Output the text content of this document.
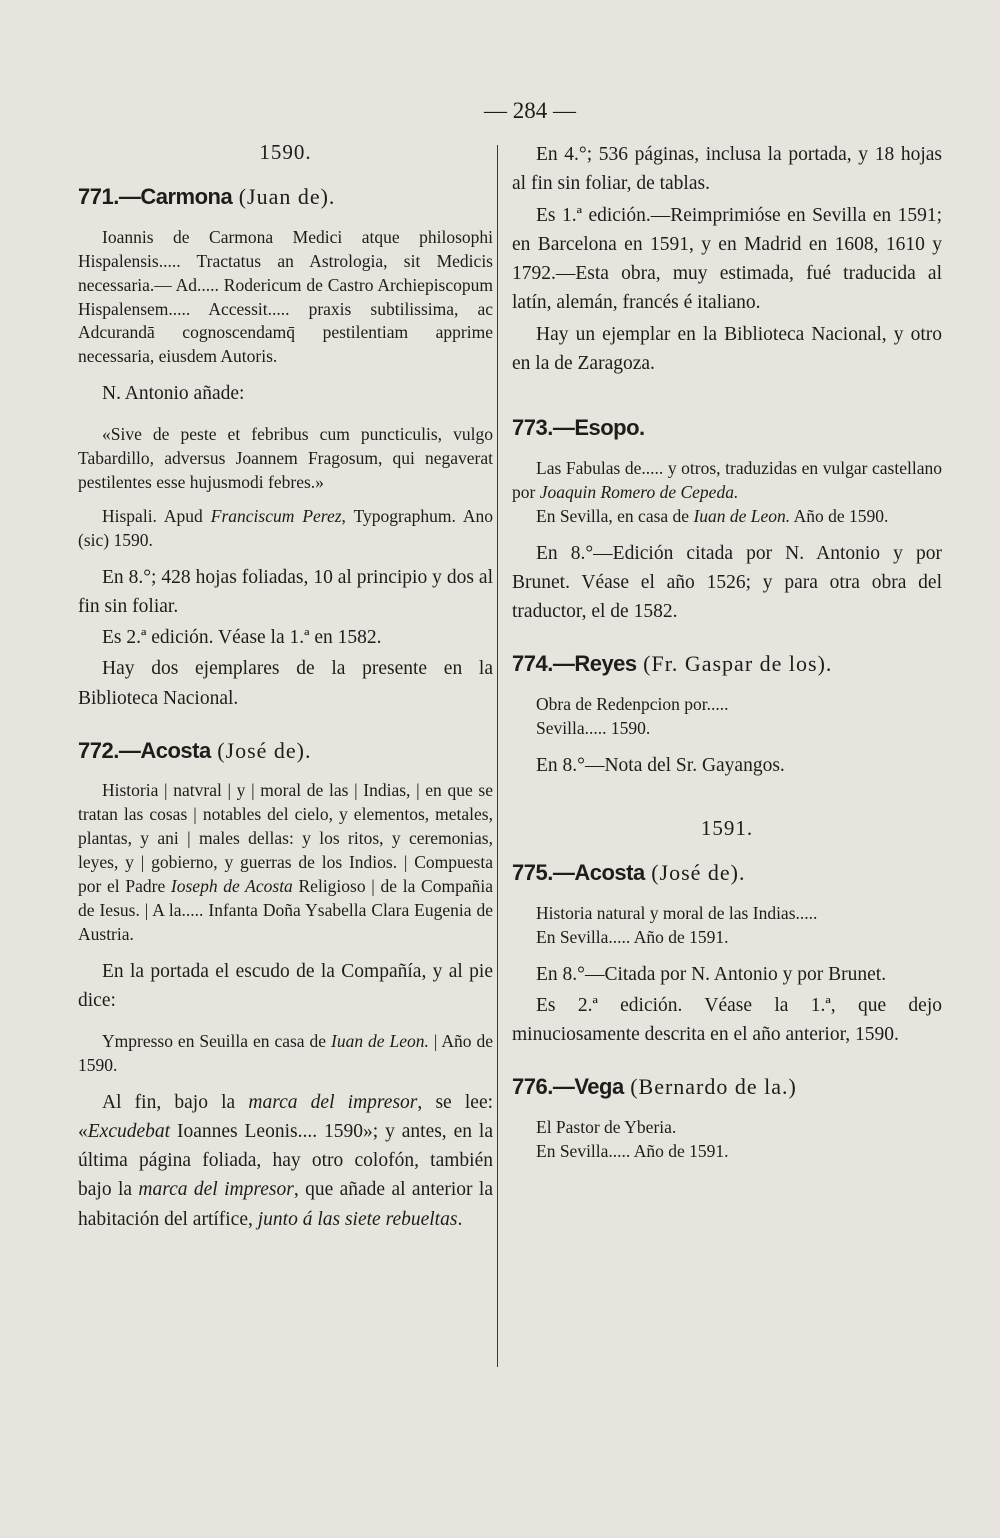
— 284 —
1590.
771.—Carmona (Juan de).

Ioannis de Carmona Medici atque philosophi Hispalensis..... Tractatus an Astrologia, sit Medicis necessaria.— Ad..... Rodericum de Castro Archiepiscopum Hispalensem..... Accessit..... praxis subtilissima, ac Adcurandā cognoscendamq̄ pestilentiam apprime necessaria, eiusdem Autoris.

N. Antonio añade:

«Sive de peste et febribus cum puncticulis, vulgo Tabardillo, adversus Joannem Fragosum, qui negaverat pestilentes esse hujusmodi febres.»

Hispali. Apud Franciscum Perez, Typographum. Ano (sic) 1590.

En 8.°; 428 hojas foliadas, 10 al principio y dos al fin sin foliar.

Es 2.ª edición. Véase la 1.ª en 1582.

Hay dos ejemplares de la presente en la Biblioteca Nacional.

772.—Acosta (José de).

Historia | natvral | y | moral de las | Indias, | en que se tratan las cosas | notables del cielo, y elementos, metales, plantas, y ani | males dellas: y los ritos, y ceremonias, leyes, y | gobierno, y guerras de los Indios. | Compuesta por el Padre Ioseph de Acosta Religioso | de la Compañia de Iesus. | A la..... Infanta Doña Ysabella Clara Eugenia de Austria.

En la portada el escudo de la Compañía, y al pie dice:

Ympresso en Seuilla en casa de Iuan de Leon. | Año de 1590.

Al fin, bajo la marca del impresor, se lee: «Excudebat Ioannes Leonis.... 1590»; y antes, en la última página foliada, hay otro colofón, también bajo la marca del impresor, que añade al anterior la habitación del artífice, junto á las siete rebueltas.

En 4.°; 536 páginas, inclusa la portada, y 18 hojas al fin sin foliar, de tablas.

Es 1.ª edición.—Reimprimióse en Sevilla en 1591; en Barcelona en 1591, y en Madrid en 1608, 1610 y 1792.—Esta obra, muy estimada, fué traducida al latín, alemán, francés é italiano.

Hay un ejemplar en la Biblioteca Nacional, y otro en la de Zaragoza.

773.—Esopo.

Las Fabulas de..... y otros, traduzidas en vulgar castellano por Joaquin Romero de Cepeda.

En Sevilla, en casa de Iuan de Leon. Año de 1590.

En 8.°—Edición citada por N. Antonio y por Brunet. Véase el año 1526; y para otra obra del traductor, el de 1582.

774.—Reyes (Fr. Gaspar de los).

Obra de Redenpcion por.....

Sevilla..... 1590.

En 8.°—Nota del Sr. Gayangos.

1591.
775.—Acosta (José de).

Historia natural y moral de las Indias.....

En Sevilla..... Año de 1591.

En 8.°—Citada por N. Antonio y por Brunet.

Es 2.ª edición. Véase la 1.ª, que dejo minuciosamente descrita en el año anterior, 1590.

776.—Vega (Bernardo de la.)

El Pastor de Yberia.

En Sevilla..... Año de 1591.
